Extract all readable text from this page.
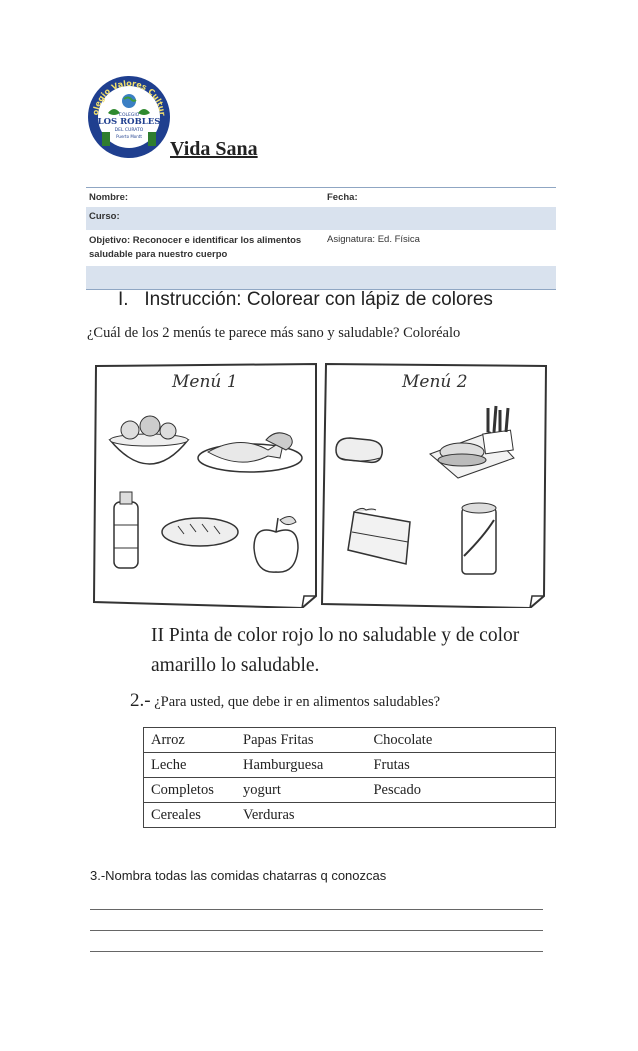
olegio Valores Cultur
COLEGIO
LOS ROBLES
DEL CURATO
Puerto Montt
Vida Sana
Nombre:	Fecha:
Curso:
Objetivo: Reconocer e identificar los alimentos saludable para nuestro cuerpo
Asignatura: Ed. Física
I. Instrucción: Colorear con lápiz de colores
¿Cuál de los 2 menús te parece más sano y saludable? Coloréalo
Menú 1	Menú 2
II Pinta de color rojo lo no saludable y de color amarillo lo saludable.
2.- ¿Para usted, que debe ir en alimentos saludables?
Arroz	Papas Fritas	Chocolate
Leche	Hamburguesa	Frutas
Completos	yogurt	Pescado
Cereales	Verduras	
3.-Nombra todas las comidas chatarras q conozcas
